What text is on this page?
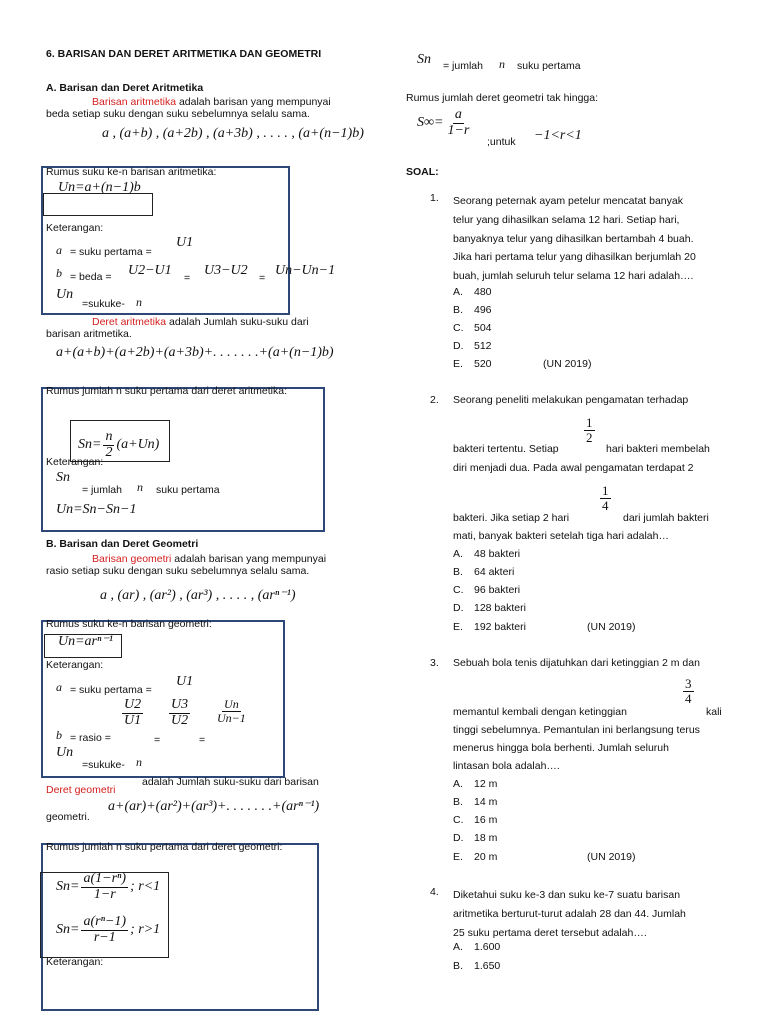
6. BARISAN DAN DERET ARITMETIKA DAN GEOMETRI
A. Barisan dan Deret Aritmetika
Barisan aritmetika adalah barisan yang mempunyai
beda setiap suku dengan suku sebelumnya selalu sama.
a , (a+b) , (a+2b) , (a+3b) , . . . . , (a+(n−1)b)
Rumus suku ke-n barisan aritmetika:
Un=a+(n−1)b
Keterangan:
a = suku pertama =
U1
b = beda = U2−U1 = U3−U2 = Un−Un−1
Un
=sukuke- n
Deret aritmetika adalah Jumlah suku-suku dari
barisan aritmetika.
a+(a+b)+(a+2b)+(a+3b)+. . . . . . .+(a+(n−1)b)
Rumus jumlah n suku pertama dari deret aritmetika:
$Sn= \frac{n}{2} (a+Un)$
Keterangan:
Sn
= jumlah n suku pertama
Un=Sn−Sn−1
B. Barisan dan Deret Geometri
Barisan geometri adalah barisan yang mempunyai
rasio setiap suku dengan suku sebelumnya selalu sama.
a , (ar) , (ar²) , (ar³) , . . . . , (arⁿ⁻¹)
Rumus suku ke-n barisan geometri:
Un=arⁿ⁻¹
Keterangan:
a = suku pertama =
U1
b = rasio =
$\frac{U2}{U1}$
=
$\frac{U3}{U2}$
=
$\frac{Un}{Un-1}$
Un
=sukuke- n
adalah Jumlah suku-suku dari barisan
Deret geometri
geometri.
a+(ar)+(ar²)+(ar³)+. . . . . . .+(arⁿ⁻¹)
Rumus jumlah n suku pertama dari deret geometri:
$Sn= \frac{\text{a(1−rⁿ)}}{1-r}$ ; r<1
$Sn= \frac{\text{a(rⁿ−1)}}{r-1}$ ; r>1
Keterangan:
Sn = jumlah n suku pertama
Rumus jumlah deret geometri tak hingga:
$S\infty= \frac{a}{1-r}$
;untuk −1<r<1
SOAL:
1. Seorang peternak ayam petelur mencatat banyak
telur yang dihasilkan selama 12 hari. Setiap hari,
banyaknya telur yang dihasilkan bertambah 4 buah.
Jika hari pertama telur yang dihasilkan berjumlah 20
buah, jumlah seluruh telur selama 12 hari adalah….
A. 480
B. 496
C. 504
D. 512
E. 520	(UN 2019)
2. Seorang peneliti melakukan pengamatan terhadap
bakteri tertentu. Setiap
$\frac{1}{2}$
hari bakteri membelah
diri menjadi dua. Pada awal pengamatan terdapat 2
bakteri. Jika setiap 2 hari
$\frac{1}{4}$
dari jumlah bakteri
mati, banyak bakteri setelah tiga hari adalah…
A. 48 bakteri
B. 64 akteri
C. 96 bakteri
D. 128 bakteri
E. 192 bakteri	(UN 2019)
3. Sebuah bola tenis dijatuhkan dari ketinggian 2 m dan
memantul kembali dengan ketinggian
$\frac{3}{4}$
kali
tinggi sebelumnya. Pemantulan ini berlangsung terus
menerus hingga bola berhenti. Jumlah seluruh
lintasan bola adalah….
A. 12 m
B. 14 m
C. 16 m
D. 18 m
E. 20 m	(UN 2019)
4. Diketahui suku ke-3 dan suku ke-7 suatu barisan
aritmetika berturut-turut adalah 28 dan 44. Jumlah
25 suku pertama deret tersebut adalah….
A. 1.600
B. 1.650
